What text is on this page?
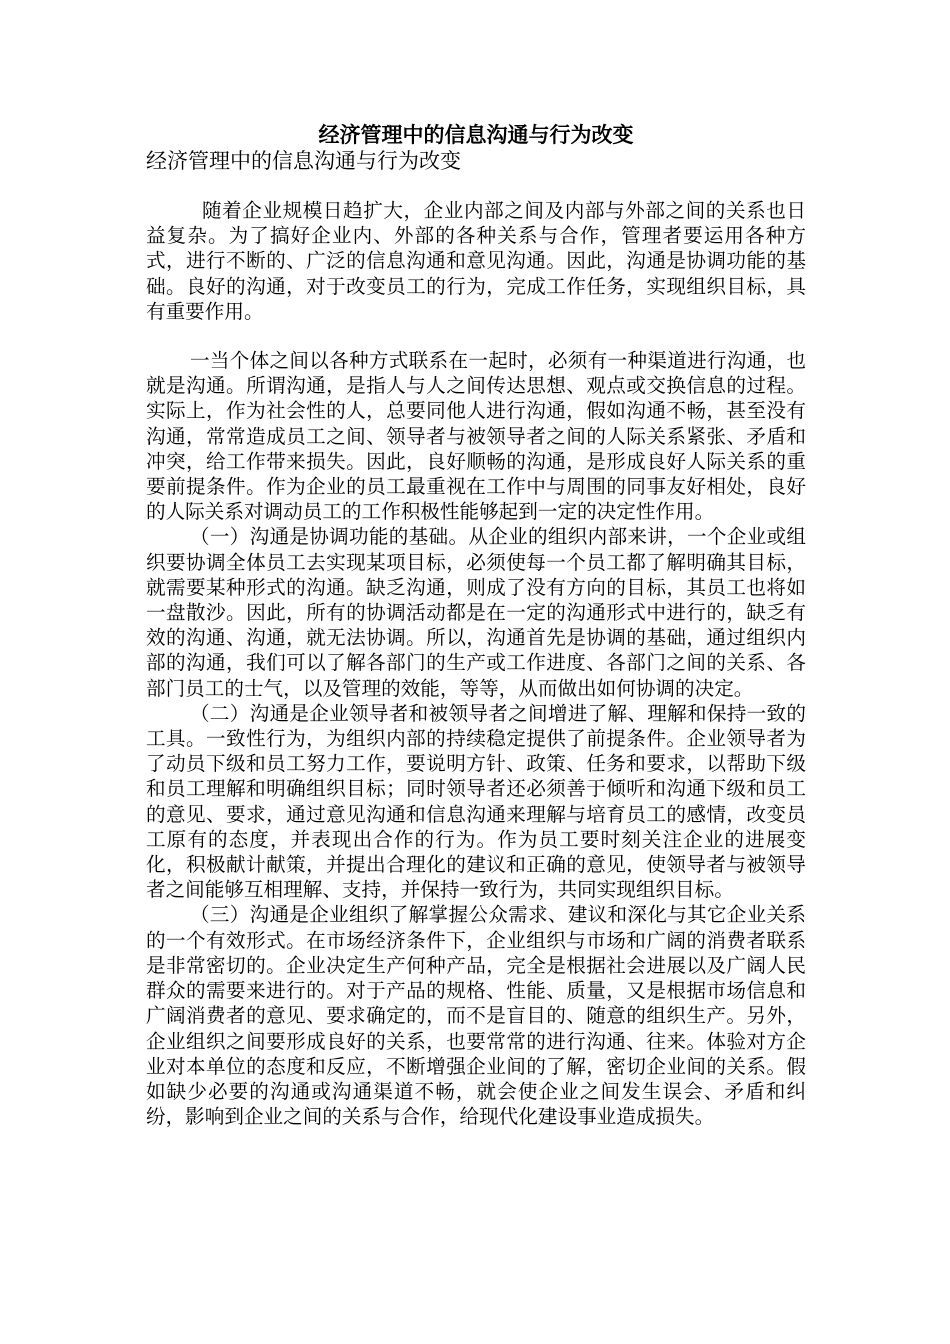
经济管理中的信息沟通与行为改变

经济管理中的信息沟通与行为改变

随着企业规模日趋扩大，企业内部之间及内部与外部之间的关系也日益复杂。为了搞好企业内、外部的各种关系与合作，管理者要运用各种方式，进行不断的、广泛的信息沟通和意见沟通。因此，沟通是协调功能的基础。良好的沟通，对于改变员工的行为，完成工作任务，实现组织目标，具有重要作用。

一当个体之间以各种方式联系在一起时，必须有一种渠道进行沟通，也就是沟通。所谓沟通，是指人与人之间传达思想、观点或交换信息的过程。实际上，作为社会性的人，总要同他人进行沟通，假如沟通不畅，甚至没有沟通，常常造成员工之间、领导者与被领导者之间的人际关系紧张、矛盾和冲突，给工作带来损失。因此，良好顺畅的沟通，是形成良好人际关系的重要前提条件。作为企业的员工最重视在工作中与周围的同事友好相处，良好的人际关系对调动员工的工作积极性能够起到一定的决定性作用。

（一）沟通是协调功能的基础。从企业的组织内部来讲，一个企业或组织要协调全体员工去实现某项目标，必须使每一个员工都了解明确其目标，就需要某种形式的沟通。缺乏沟通，则成了没有方向的目标，其员工也将如一盘散沙。因此，所有的协调活动都是在一定的沟通形式中进行的，缺乏有效的沟通、沟通，就无法协调。所以，沟通首先是协调的基础，通过组织内部的沟通，我们可以了解各部门的生产或工作进度、各部门之间的关系、各部门员工的士气，以及管理的效能，等等，从而做出如何协调的决定。

（二）沟通是企业领导者和被领导者之间增进了解、理解和保持一致的工具。一致性行为，为组织内部的持续稳定提供了前提条件。企业领导者为了动员下级和员工努力工作，要说明方针、政策、任务和要求，以帮助下级和员工理解和明确组织目标；同时领导者还必须善于倾听和沟通下级和员工的意见、要求，通过意见沟通和信息沟通来理解与培育员工的感情，改变员工原有的态度，并表现出合作的行为。作为员工要时刻关注企业的进展变化，积极献计献策，并提出合理化的建议和正确的意见，使领导者与被领导者之间能够互相理解、支持，并保持一致行为，共同实现组织目标。

（三）沟通是企业组织了解掌握公众需求、建议和深化与其它企业关系的一个有效形式。在市场经济条件下，企业组织与市场和广阔的消费者联系是非常密切的。企业决定生产何种产品，完全是根据社会进展以及广阔人民群众的需要来进行的。对于产品的规格、性能、质量，又是根据市场信息和广阔消费者的意见、要求确定的，而不是盲目的、随意的组织生产。另外，企业组织之间要形成良好的关系，也要常常的进行沟通、往来。体验对方企业对本单位的态度和反应，不断增强企业间的了解，密切企业间的关系。假如缺少必要的沟通或沟通渠道不畅，就会使企业之间发生误会、矛盾和纠纷，影响到企业之间的关系与合作，给现代化建设事业造成损失。
